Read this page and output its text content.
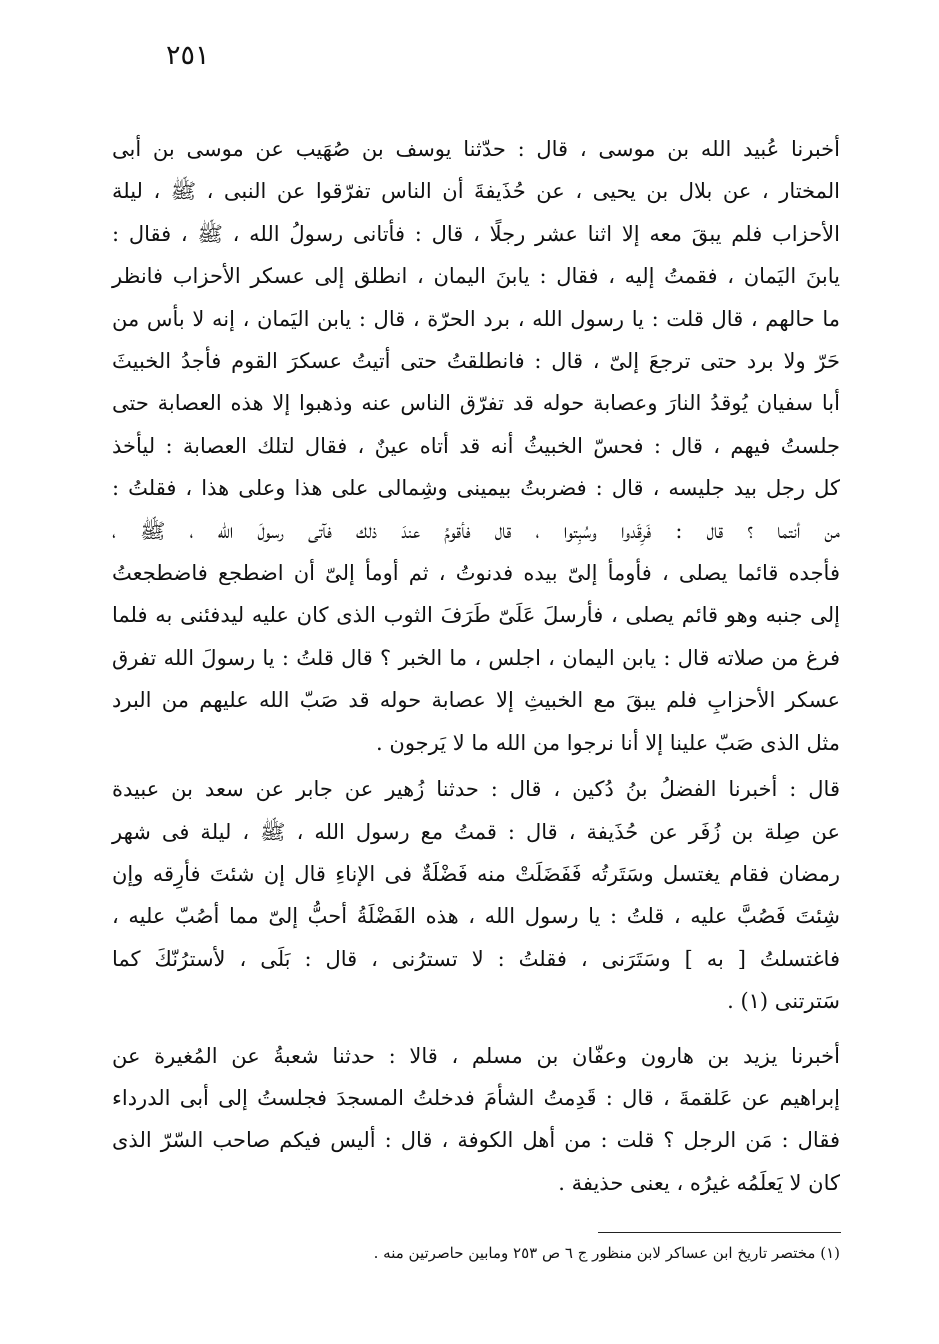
٢٥١
أخبرنا عُبيد الله بن موسى ، قال : حدّثنا يوسف بن صُهَيب عن موسى بن أبى
المختار ، عن بلال بن يحيى ، عن حُذَيفةَ أن الناس تفرّقوا عن النبى ، ﷺ ، ليلة
الأحزاب فلم يبقَ معه إلا اثنا عشر رجلًا ، قال : فأتانى رسولُ الله ، ﷺ ، فقال :
يابنَ اليَمان ، فقمتُ إليه ، فقال : يابنَ اليمان ، انطلق إلى عسكر الأحزاب فانظر
ما حالهم ، قال قلت : يا رسول الله ، برد الحرّة ، قال : يابن اليَمان ، إنه لا بأس من
حَرّ ولا برد حتى ترجعَ إلىّ ، قال : فانطلقتُ حتى أتيتُ عسكرَ القوم فأجدُ الخبيثَ
أبا سفيان يُوقدُ النارَ وعصابة حوله قد تفرّق الناس عنه وذهبوا إلا هذه العصابة حتى
جلستُ فيهم ، قال : فحسّ الخبيثُ أنه قد أتاه عينٌ ، فقال لتلك العصابة : ليأخذ
كل رجل بيد جليسه ، قال : فضربتُ بيمينى وشِمالى على هذا وعلى هذا ، فقلتُ :
من أنتما ؟ قال : فَرِقَدوا وسُبِتوا ، قال فأقومُ عندَ ذلك فآتى رسولَ الله ، ﷺ ،
فأجده قائما يصلى ، فأومأ إلىّ بيده فدنوتُ ، ثم أومأ إلىّ أن اضطجع فاضطجعتُ
إلى جنبه وهو قائم يصلى ، فأرسلَ عَلَىّ طَرَفَ الثوب الذى كان عليه ليدفئنى به فلما
فرغ من صلاته قال : يابن اليمان ، اجلس ، ما الخبر ؟ قال قلتُ : يا رسولَ الله تفرق
عسكر الأحزابِ فلم يبقَ مع الخبيثِ إلا عصابة حوله قد صَبّ الله عليهم من البرد
مثل الذى صَبّ علينا إلا أنا نرجوا من الله ما لا يَرجون .
قال : أخبرنا الفضلُ بنُ دُكين ، قال : حدثنا زُهير عن جابر عن سعد بن عبيدة
عن صِلة بن زُفَر عن حُذَيفة ، قال : قمتُ مع رسول الله ، ﷺ ، ليلة فى شهر
رمضان فقام يغتسل وسَتَرتُه فَفَضَلَتْ منه فَضْلَةٌ فى الإناءِ قال إن شئتَ فأرِقه وإن
شِئتَ فَصُبَّ عليه ، قلتُ : يا رسول الله ، هذه الفَضْلَةُ أحبُّ إلىّ مما أصُبّ عليه ،
فاغتسلتُ [ به ] وسَتَرَنى ، فقلتُ : لا تسترُنى ، قال : بَلَى ، لأسترُنّكَ كما
سَترتنى (١) .
أخبرنا يزيد بن هارون وعفّان بن مسلم ، قالا : حدثنا شعبةُ عن المُغيرة عن
إبراهيم عن عَلقمةَ ، قال : قَدِمتُ الشأمَ فدخلتُ المسجدَ فجلستُ إلى أبى الدرداء
فقال : مَن الرجل ؟ قلت : من أهل الكوفة ، قال : أليس فيكم صاحب السّرّ الذى
كان لا يَعلَمُه غيرُه ، يعنى حذيفة .
(١) مختصر تاريخ ابن عساكر لابن منظور ج ٦ ص ٢٥٣ ومابين حاصرتين منه .
